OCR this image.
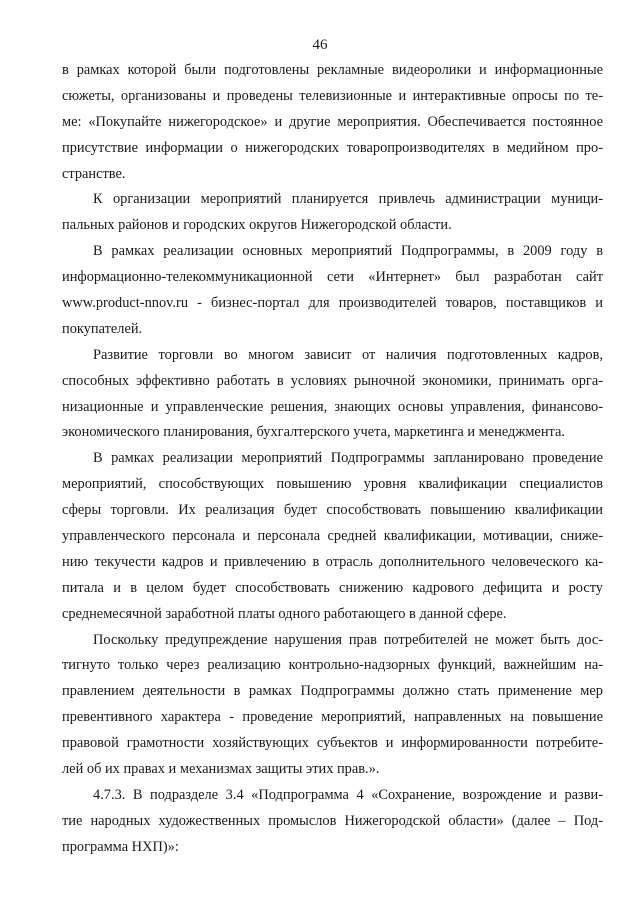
46
в рамках которой были подготовлены рекламные видеоролики и информационные
сюжеты, организованы и проведены телевизионные и интерактивные опросы по те-
ме: «Покупайте нижегородское» и другие мероприятия. Обеспечивается постоянное
присутствие информации о нижегородских товаропроизводителях в медийном про-
странстве.
К организации мероприятий планируется привлечь администрации муници-
пальных районов и городских округов Нижегородской области.
В рамках реализации основных мероприятий Подпрограммы, в 2009 году в
информационно-телекоммуникационной сети «Интернет» был разработан сайт
www.product-nnov.ru - бизнес-портал для производителей товаров, поставщиков и
покупателей.
Развитие торговли во многом зависит от наличия подготовленных кадров,
способных эффективно работать в условиях рыночной экономики, принимать орга-
низационные и управленческие решения, знающих основы управления, финансово-
экономического планирования, бухгалтерского учета, маркетинга и менеджмента.
В рамках реализации мероприятий Подпрограммы запланировано проведение
мероприятий, способствующих повышению уровня квалификации специалистов
сферы торговли. Их реализация будет способствовать повышению квалификации
управленческого персонала и персонала средней квалификации, мотивации, сниже-
нию текучести кадров и привлечению в отрасль дополнительного человеческого ка-
питала и в целом будет способствовать снижению кадрового дефицита и росту
среднемесячной заработной платы одного работающего в данной сфере.
Поскольку предупреждение нарушения прав потребителей не может быть дос-
тигнуто только через реализацию контрольно-надзорных функций, важнейшим на-
правлением деятельности в рамках Подпрограммы должно стать применение мер
превентивного характера - проведение мероприятий, направленных на повышение
правовой грамотности хозяйствующих субъектов и информированности потребите-
лей об их правах и механизмах защиты этих прав.».
4.7.3. В подразделе 3.4 «Подпрограмма 4 «Сохранение, возрождение и разви-
тие народных художественных промыслов Нижегородской области» (далее – Под-
программа НХП)»:
